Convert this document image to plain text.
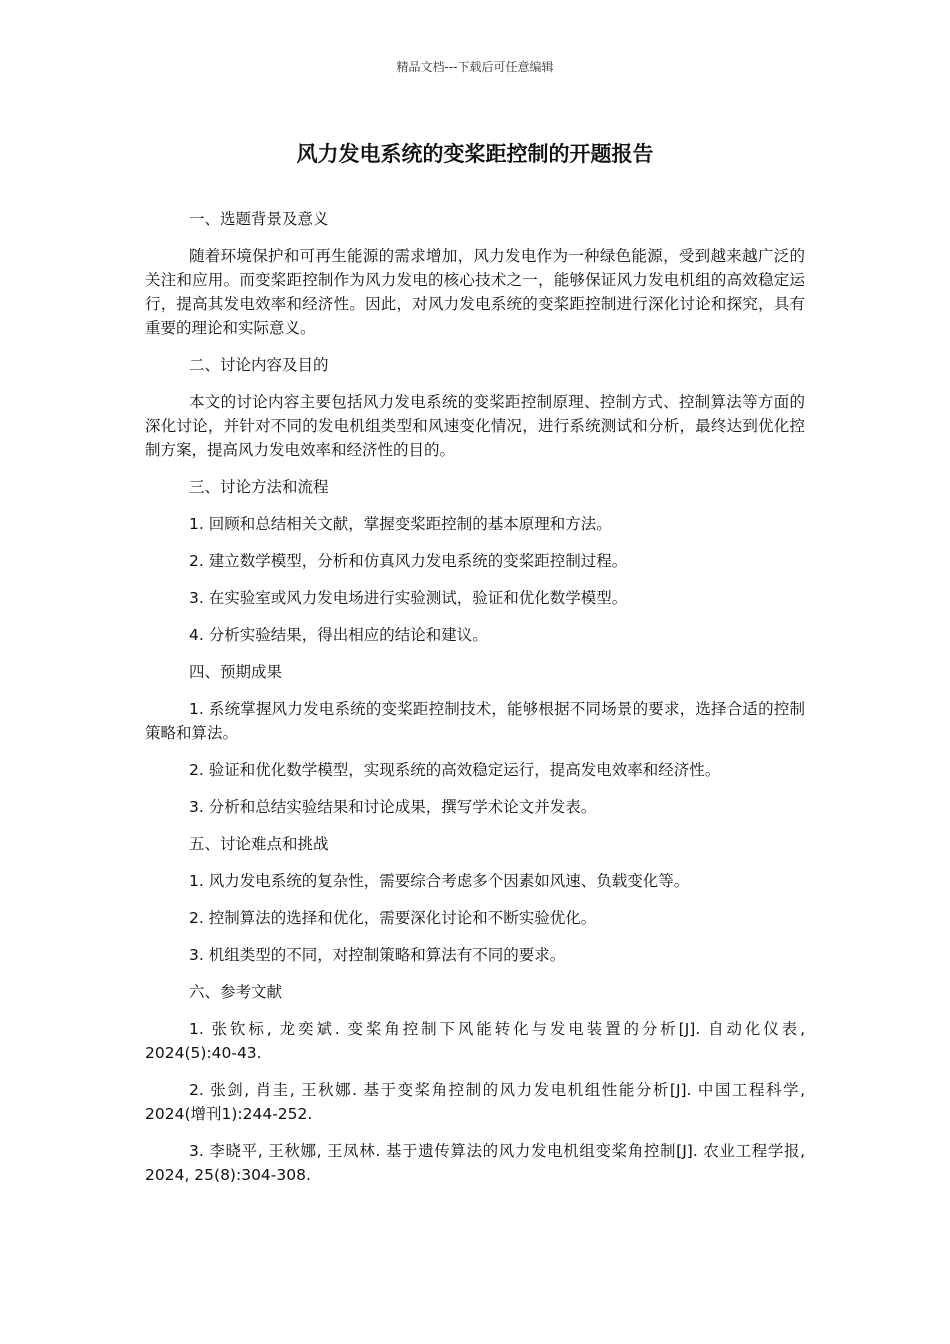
精品文档---下载后可任意编辑
风力发电系统的变桨距控制的开题报告

一、选题背景及意义

随着环境保护和可再生能源的需求增加，风力发电作为一种绿色能源，受到越来越广泛的关注和应用。而变桨距控制作为风力发电的核心技术之一，能够保证风力发电机组的高效稳定运行，提高其发电效率和经济性。因此，对风力发电系统的变桨距控制进行深化讨论和探究，具有重要的理论和实际意义。

二、讨论内容及目的

本文的讨论内容主要包括风力发电系统的变桨距控制原理、控制方式、控制算法等方面的深化讨论，并针对不同的发电机组类型和风速变化情况，进行系统测试和分析，最终达到优化控制方案，提高风力发电效率和经济性的目的。

三、讨论方法和流程

1. 回顾和总结相关文献，掌握变桨距控制的基本原理和方法。

2. 建立数学模型，分析和仿真风力发电系统的变桨距控制过程。

3. 在实验室或风力发电场进行实验测试，验证和优化数学模型。

4. 分析实验结果，得出相应的结论和建议。

四、预期成果

1. 系统掌握风力发电系统的变桨距控制技术，能够根据不同场景的要求，选择合适的控制策略和算法。

2. 验证和优化数学模型，实现系统的高效稳定运行，提高发电效率和经济性。

3. 分析和总结实验结果和讨论成果，撰写学术论文并发表。

五、讨论难点和挑战

1. 风力发电系统的复杂性，需要综合考虑多个因素如风速、负载变化等。

2. 控制算法的选择和优化，需要深化讨论和不断实验优化。

3. 机组类型的不同，对控制策略和算法有不同的要求。

六、参考文献

1. 张钦标, 龙奕斌. 变桨角控制下风能转化与发电装置的分析[J]. 自动化仪表, 2024(5):40-43.

2. 张剑, 肖圭, 王秋娜. 基于变桨角控制的风力发电机组性能分析[J]. 中国工程科学, 2024(增刊1):244-252.

3. 李晓平, 王秋娜, 王凤林. 基于遗传算法的风力发电机组变桨角控制[J]. 农业工程学报, 2024, 25(8):304-308.
